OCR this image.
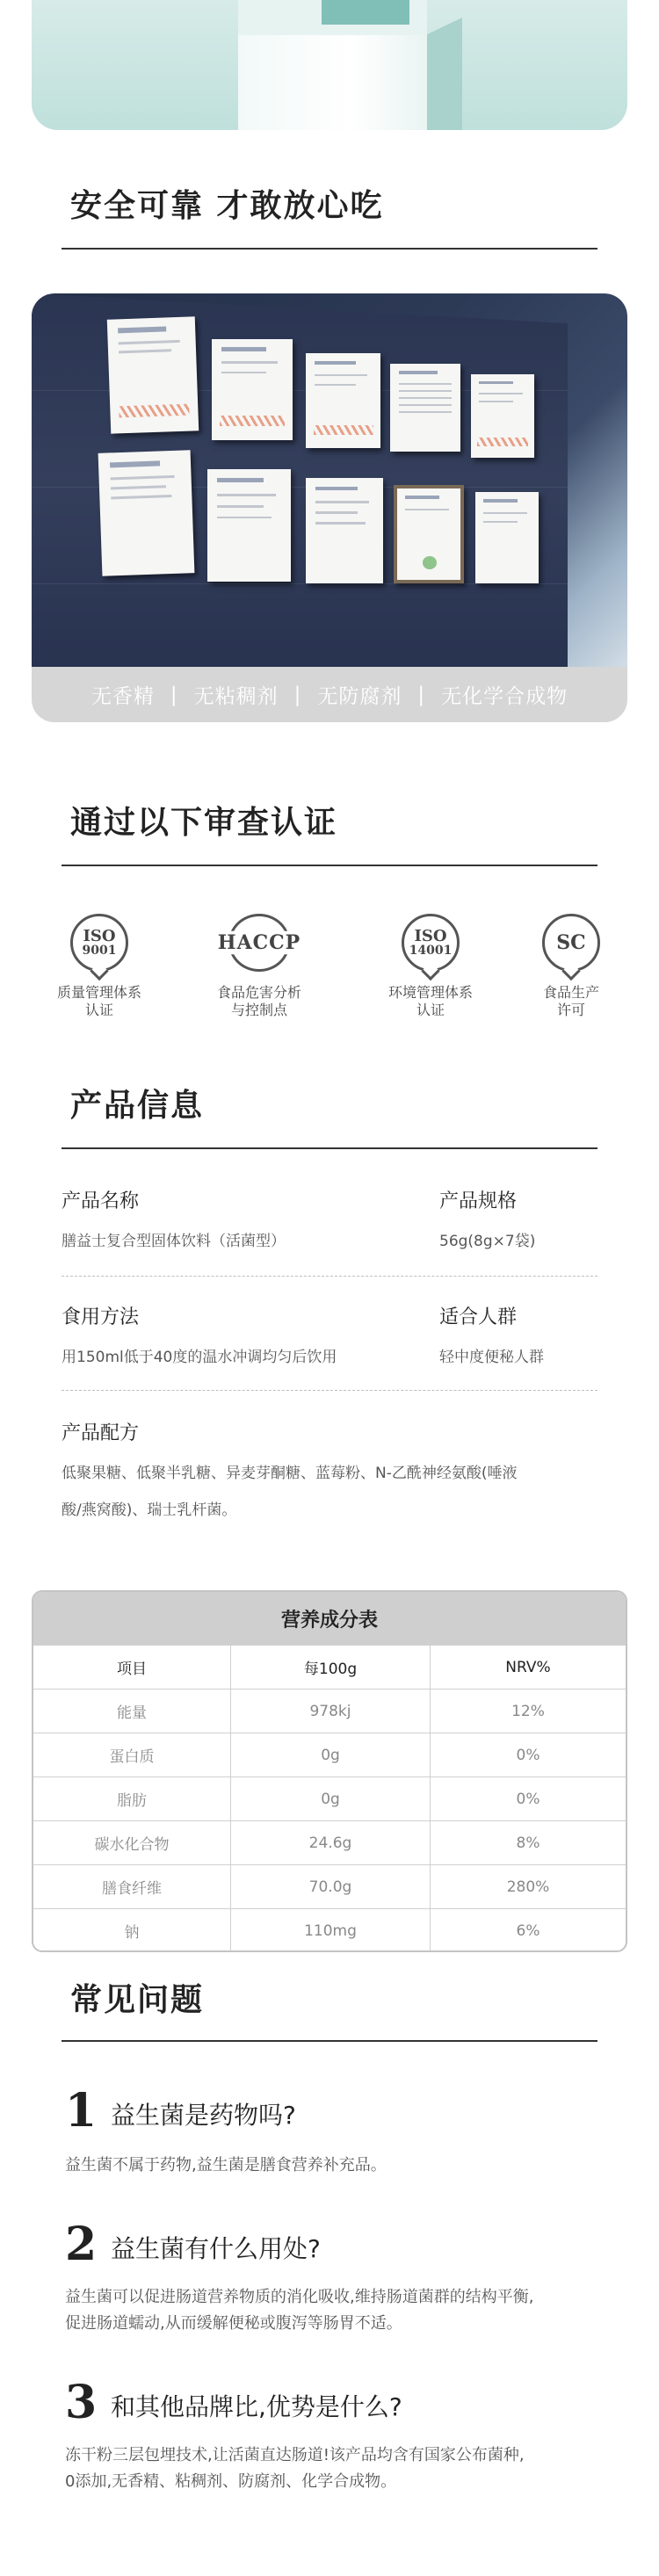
安全可靠 才敢放心吃
无香精 | 无粘稠剂 | 无防腐剂 | 无化学合成物
通过以下审查认证
ISO
9001
质量管理体系
认证
HACCP
食品危害分析
与控制点
ISO
14001
环境管理体系
认证
SC
食品生产
许可
产品信息
产品名称
膳益士复合型固体饮料（活菌型）
产品规格
56g(8g×7袋)
食用方法
用150ml低于40度的温水冲调均匀后饮用
适合人群
轻中度便秘人群
产品配方
低聚果糖、低聚半乳糖、异麦芽酮糖、蓝莓粉、N-乙酰神经氨酸(唾液
酸/燕窝酸)、瑞士乳杆菌。
营养成分表
项目	每100g	NRV%
能量	978kj	12%
蛋白质	0g	0%
脂肪	0g	0%
碳水化合物	24.6g	8%
膳食纤维	70.0g	280%
钠	110mg	6%
常见问题
1 益生菌是药物吗?
益生菌不属于药物,益生菌是膳食营养补充品。
2 益生菌有什么用处?
益生菌可以促进肠道营养物质的消化吸收,维持肠道菌群的结构平衡,
促进肠道蠕动,从而缓解便秘或腹泻等肠胃不适。
3 和其他品牌比,优势是什么?
冻干粉三层包埋技术,让活菌直达肠道!该产品均含有国家公布菌种,
0添加,无香精、粘稠剂、防腐剂、化学合成物。
